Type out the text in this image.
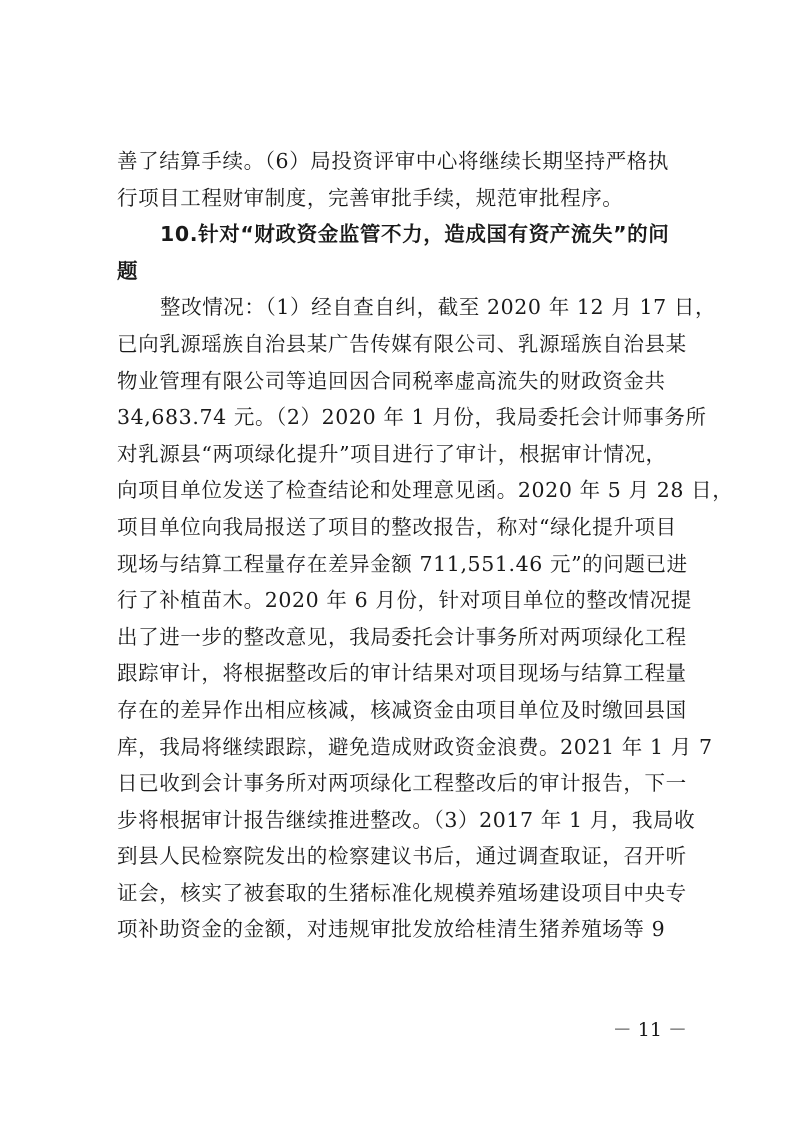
善了结算手续。（6）局投资评审中心将继续长期坚持严格执
行项目工程财审制度，完善审批手续，规范审批程序。
10.针对“财政资金监管不力，造成国有资产流失”的问
题
整改情况：（1）经自查自纠，截至 2020 年 12 月 17 日，
已向乳源瑶族自治县某广告传媒有限公司、乳源瑶族自治县某
物业管理有限公司等追回因合同税率虚高流失的财政资金共
34,683.74 元。（2）2020 年 1 月份，我局委托会计师事务所
对乳源县“两项绿化提升”项目进行了审计，根据审计情况，
向项目单位发送了检查结论和处理意见函。2020 年 5 月 28 日，
项目单位向我局报送了项目的整改报告，称对“绿化提升项目
现场与结算工程量存在差异金额 711,551.46 元”的问题已进
行了补植苗木。2020 年 6 月份，针对项目单位的整改情况提
出了进一步的整改意见，我局委托会计事务所对两项绿化工程
跟踪审计，将根据整改后的审计结果对项目现场与结算工程量
存在的差异作出相应核减，核减资金由项目单位及时缴回县国
库，我局将继续跟踪，避免造成财政资金浪费。2021 年 1 月 7
日已收到会计事务所对两项绿化工程整改后的审计报告，下一
步将根据审计报告继续推进整改。（3）2017 年 1 月，我局收
到县人民检察院发出的检察建议书后，通过调查取证，召开听
证会，核实了被套取的生猪标准化规模养殖场建设项目中央专
项补助资金的金额，对违规审批发放给桂清生猪养殖场等 9
－ 11 －
